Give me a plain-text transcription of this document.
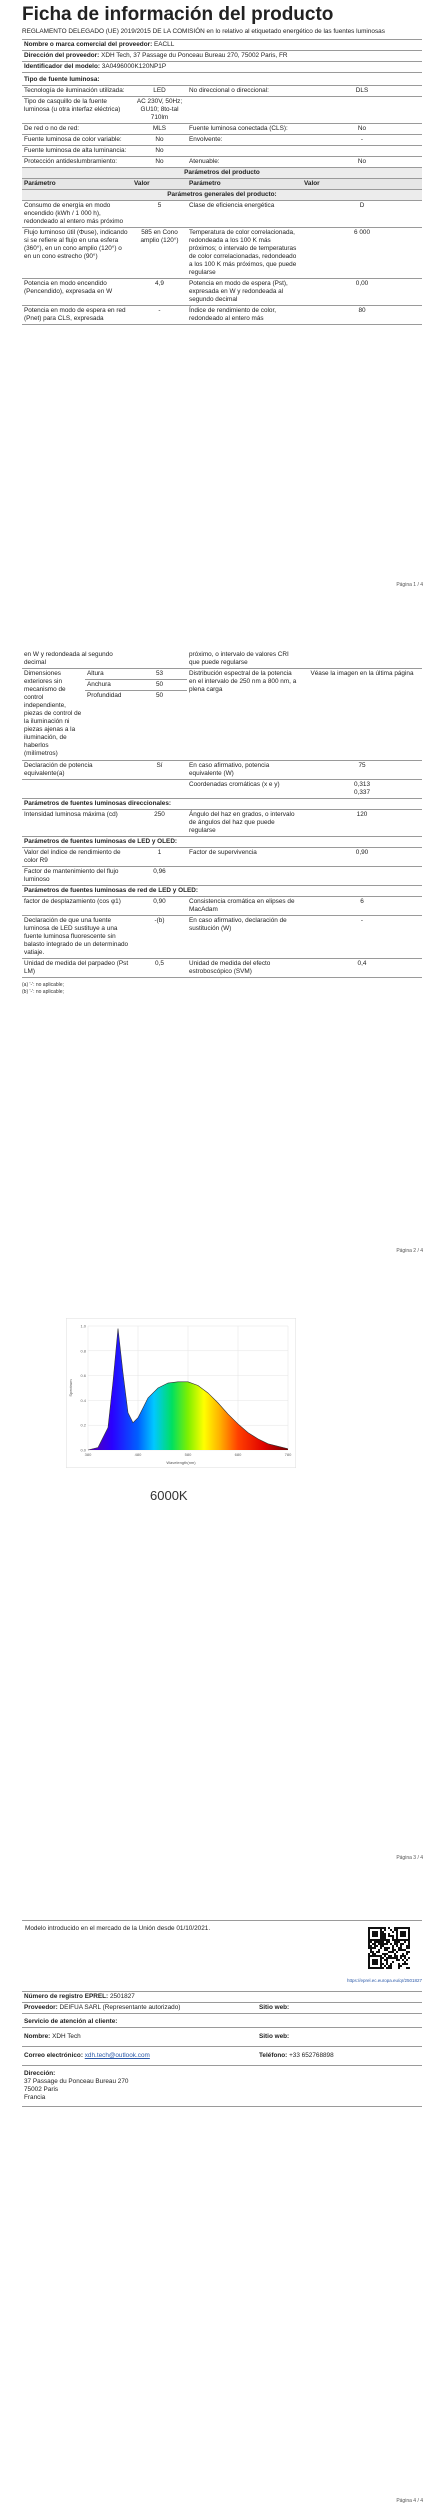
Ficha de información del producto
REGLAMENTO DELEGADO (UE) 2019/2015 DE LA COMISIÓN en lo relativo al etiquetado energético de las fuentes luminosas
Nombre o marca comercial del proveedor: EACLL
Dirección del proveedor: XDH Tech, 37 Passage du Ponceau Bureau 270, 75002 Paris, FR
Identificador del modelo: 3A0496000K120NP1P
Tipo de fuente luminosa:			
Tecnología de iluminación utilizada:	LED	No direccional o direccional:	DLS
Tipo de casquillo de la fuente luminosa (u otra interfaz eléctrica)	AC 230V, 50Hz; GU10; 8to-tal 710lm		
De red o no de red:	MLS	Fuente luminosa conectada (CLS):	No
Fuente luminosa de color variable:	No	Envolvente:	-
Fuente luminosa de alta luminancia:	No		
Protección antideslumbramiento:	No	Atenuable:	No
Parámetros del producto			
Parámetro	Valor	Parámetro	Valor
Parámetros generales del producto:			
Consumo de energía en modo encendido (kWh / 1 000 h), redondeado al entero más próximo	5	Clase de eficiencia energética	D
Flujo luminoso útil (Φuse), indicando si se refiere al flujo en una esfera (360°), en un cono amplio (120°) o en un cono estrecho (90°)	585 en Cono amplio (120°)	Temperatura de color correlacionada, redondeada a los 100 K más próximos; o intervalo de temperaturas de color correlacionadas, redondeado a los 100 K más próximos, que puede regularse	6 000
Potencia en modo encendido (Pencendido), expresada en W	4,9	Potencia en modo de espera (Pst), expresada en W y redondeada al segundo decimal	0,00
Potencia en modo de espera en red (Pnet) para CLS, expresada	-	Índice de rendimiento de color, redondeado al entero más	80
Página 1 / 4
en W y redondeada al segundo decimal			próximo, o intervalo de valores CRI que puede regularse	
Dimensiones exteriores sin mecanismo de control independiente, piezas de control de la iluminación ni piezas ajenas a la iluminación, de haberlos (milímetros)	Altura	53	Distribución espectral de la potencia en el intervalo de 250 nm a 800 nm, a plena carga	Véase la imagen en la última página
	Anchura	50		
	Profundidad	50		
Declaración de potencia equivalente(a)		Sí	En caso afirmativo, potencia equivalente (W)	75
			Coordenadas cromáticas (x e y)	0,313
0,337
Parámetros de fuentes luminosas direccionales:				
Intensidad luminosa máxima (cd)		250	Ángulo del haz en grados, o intervalo de ángulos del haz que puede regularse	120
Parámetros de fuentes luminosas de LED y OLED:				
Valor del índice de rendimiento de color R9		1	Factor de supervivencia	0,90
Factor de mantenimiento del flujo luminoso		0,96		
Parámetros de fuentes luminosas de red de LED y OLED:				
factor de desplazamiento (cos φ1)		0,90	Consistencia cromática en elipses de MacAdam	6
Declaración de que una fuente luminosa de LED sustituye a una fuente luminosa fluorescente sin balasto integrado de un determinado vatiaje.		-(b)	En caso afirmativo, declaración de sustitución (W)	-
Unidad de medida del parpadeo (Pst LM)		0,5	Unidad de medida del efecto estroboscópico (SVM)	0,4
(a) '-': no aplicable;
(b) '-': no aplicable;
Página 2 / 4
380	480	580	680	780
0.0
0.2
0.4
0.6
0.8
1.0
Wavelength(nm)
Spectrum
6000K
Página 3 / 4
Modelo introducido en el mercado de la Unión desde 01/10/2021.
https://eprel.ec.europa.eu/qr/2501827
Número de registro EPREL: 2501827	
Proveedor: DEIFUA SARL (Representante autorizado)	Sitio web:
Servicio de atención al cliente:	
Nombre: XDH Tech	Sitio web:
Correo electrónico: xdh.tech@outlook.com	Teléfono: +33 652768898
Dirección:
37 Passage du Ponceau Bureau 270
75002 Paris
Francia	
Página 4 / 4
